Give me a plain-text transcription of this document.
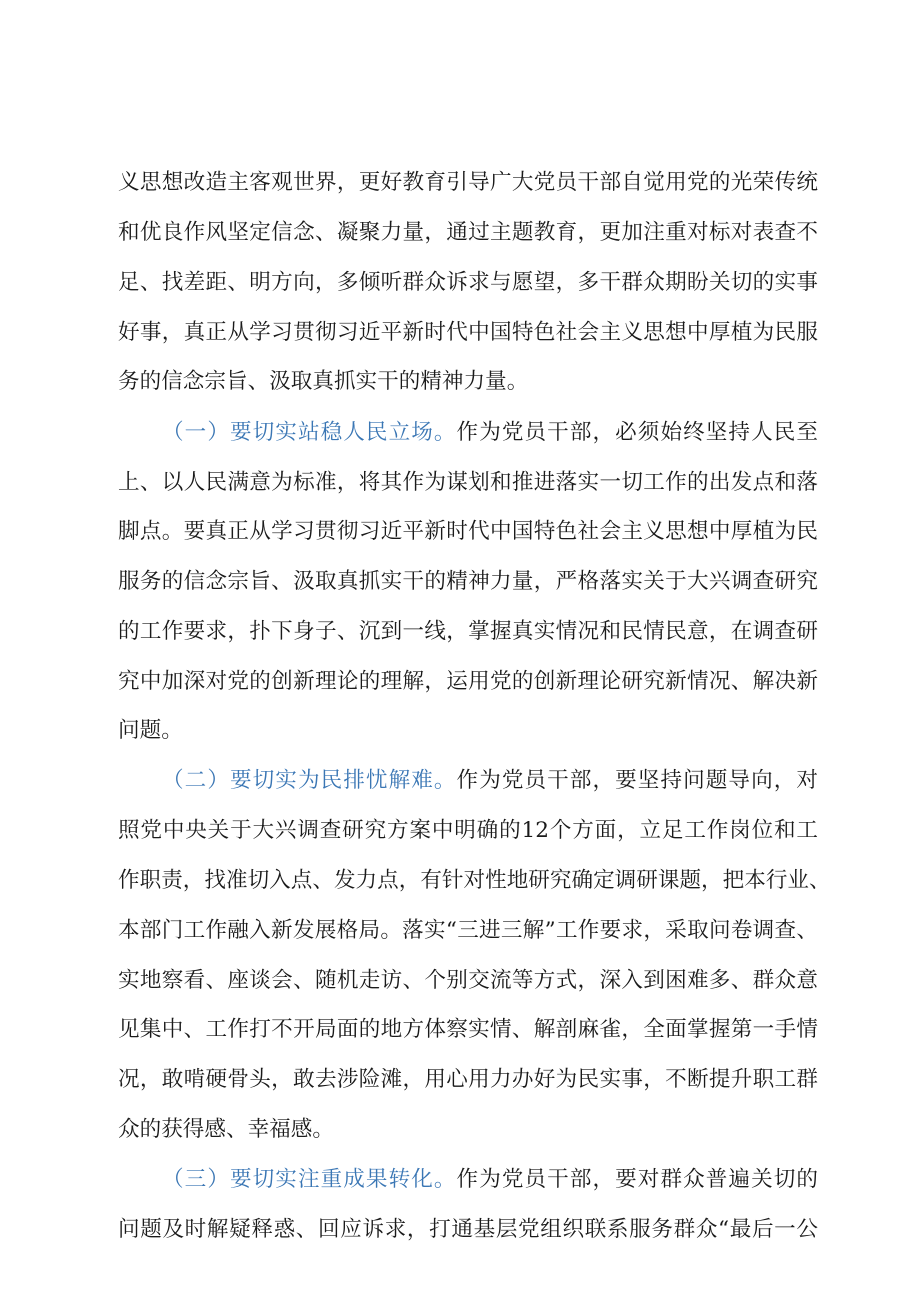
义思想改造主客观世界，更好教育引导广大党员干部自觉用党的光荣传统
和优良作风坚定信念、凝聚力量，通过主题教育，更加注重对标对表查不
足、找差距、明方向，多倾听群众诉求与愿望，多干群众期盼关切的实事
好事，真正从学习贯彻习近平新时代中国特色社会主义思想中厚植为民服
务的信念宗旨、汲取真抓实干的精神力量。
（一）要切实站稳人民立场。作为党员干部，必须始终坚持人民至
上、以人民满意为标准，将其作为谋划和推进落实一切工作的出发点和落
脚点。要真正从学习贯彻习近平新时代中国特色社会主义思想中厚植为民
服务的信念宗旨、汲取真抓实干的精神力量，严格落实关于大兴调查研究
的工作要求，扑下身子、沉到一线，掌握真实情况和民情民意，在调查研
究中加深对党的创新理论的理解，运用党的创新理论研究新情况、解决新
问题。
（二）要切实为民排忧解难。作为党员干部，要坚持问题导向，对
照党中央关于大兴调查研究方案中明确的12个方面，立足工作岗位和工
作职责，找准切入点、发力点，有针对性地研究确定调研课题，把本行业、
本部门工作融入新发展格局。落实“三进三解”工作要求，采取问卷调查、
实地察看、座谈会、随机走访、个别交流等方式，深入到困难多、群众意
见集中、工作打不开局面的地方体察实情、解剖麻雀，全面掌握第一手情
况，敢啃硬骨头，敢去涉险滩，用心用力办好为民实事，不断提升职工群
众的获得感、幸福感。
（三）要切实注重成果转化。作为党员干部，要对群众普遍关切的
问题及时解疑释惑、回应诉求，打通基层党组织联系服务群众“最后一公
